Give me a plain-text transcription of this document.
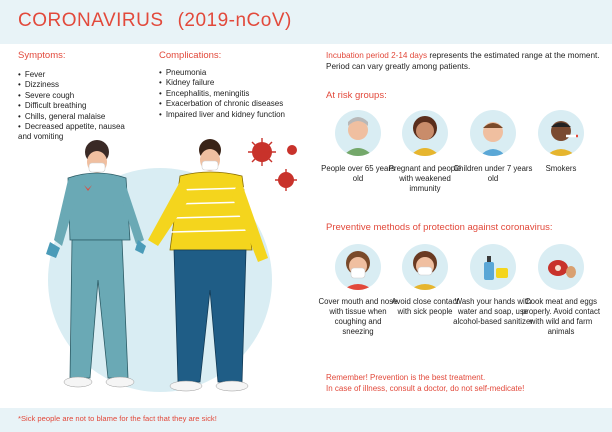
CORONAVIRUS (2019-nCoV)
Symptoms:
• Fever
• Dizziness
• Severe cough
• Difficult breathing
• Chills, general malaise
• Decreased appetite, nausea
and vomiting
Complications:
• Pneumonia
• Kidney failure
• Encephalitis, meningitis
• Exacerbation of chronic diseases
• Impaired liver and kidney function
Incubation period 2-14 days represents the estimated range at the moment. Period can vary greatly among patients.
At risk groups:
People over 65 years old
Pregnant and people with weakened immunity
Children under 7 years old
Smokers
Preventive methods of protection against coronavirus:
Cover mouth and nose with tissue when coughing and sneezing
Avoid close contact with sick people
Wash your hands with water and soap, use alcohol-based sanitizer
Cook meat and eggs properly. Avoid contact with wild and farm animals
Remember! Prevention is the best treatment.
In case of illness, consult a doctor, do not self-medicate!
*Sick people are not to blame for the fact that they are sick!
